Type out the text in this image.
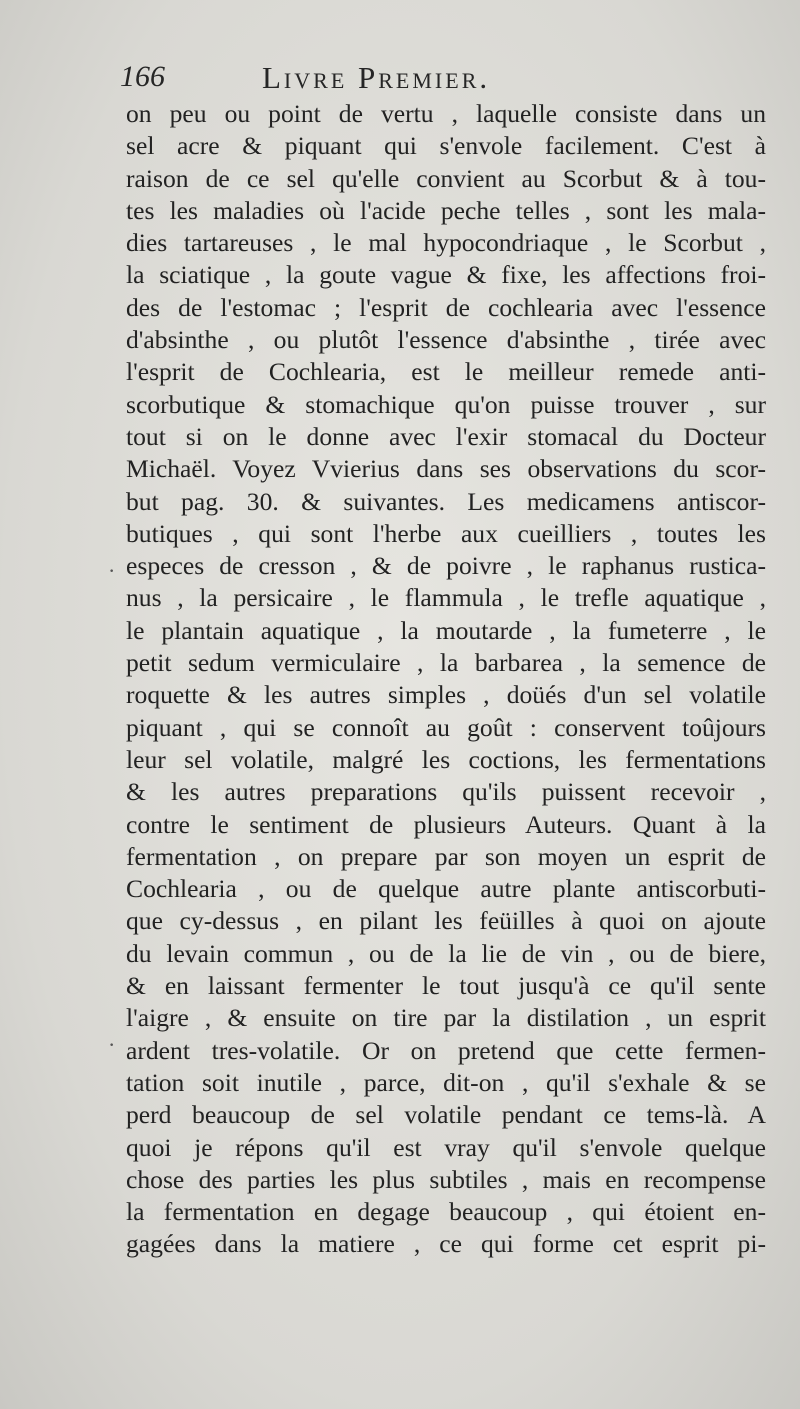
166	Livre Premier.
·
·
on peu ou point de vertu , laquelle consiste dans un
sel acre & piquant qui s'envole facilement. C'est à
raison de ce sel qu'elle convient au Scorbut & à tou-
tes les maladies où l'acide peche telles , sont les mala-
dies tartareuses , le mal hypocondriaque , le Scorbut ,
la sciatique , la goute vague & fixe, les affections froi-
des de l'estomac ; l'esprit de cochlearia avec l'essence
d'absinthe , ou plutôt l'essence d'absinthe , tirée avec
l'esprit de Cochlearia, est le meilleur remede anti-
scorbutique & stomachique qu'on puisse trouver , sur
tout si on le donne avec l'exir stomacal du Docteur
Michaël. Voyez Vvierius dans ses observations du scor-
but pag. 30. & suivantes. Les medicamens antiscor-
butiques , qui sont l'herbe aux cueilliers , toutes les
especes de cresson , & de poivre , le raphanus rustica-
nus , la persicaire , le flammula , le trefle aquatique ,
le plantain aquatique , la moutarde , la fumeterre , le
petit sedum vermiculaire , la barbarea , la semence de
roquette & les autres simples , doüés d'un sel volatile
piquant , qui se connoît au goût : conservent toûjours
leur sel volatile, malgré les coctions, les fermentations
& les autres preparations qu'ils puissent recevoir ,
contre le sentiment de plusieurs Auteurs. Quant à la
fermentation , on prepare par son moyen un esprit de
Cochlearia , ou de quelque autre plante antiscorbuti-
que cy-dessus , en pilant les feüilles à quoi on ajoute
du levain commun , ou de la lie de vin , ou de biere,
& en laissant fermenter le tout jusqu'à ce qu'il sente
l'aigre , & ensuite on tire par la distilation , un esprit
ardent tres-volatile. Or on pretend que cette fermen-
tation soit inutile , parce, dit-on , qu'il s'exhale & se
perd beaucoup de sel volatile pendant ce tems-là. A
quoi je répons qu'il est vray qu'il s'envole quelque
chose des parties les plus subtiles , mais en recompense
la fermentation en degage beaucoup , qui étoient en-
gagées dans la matiere , ce qui forme cet esprit pi-
